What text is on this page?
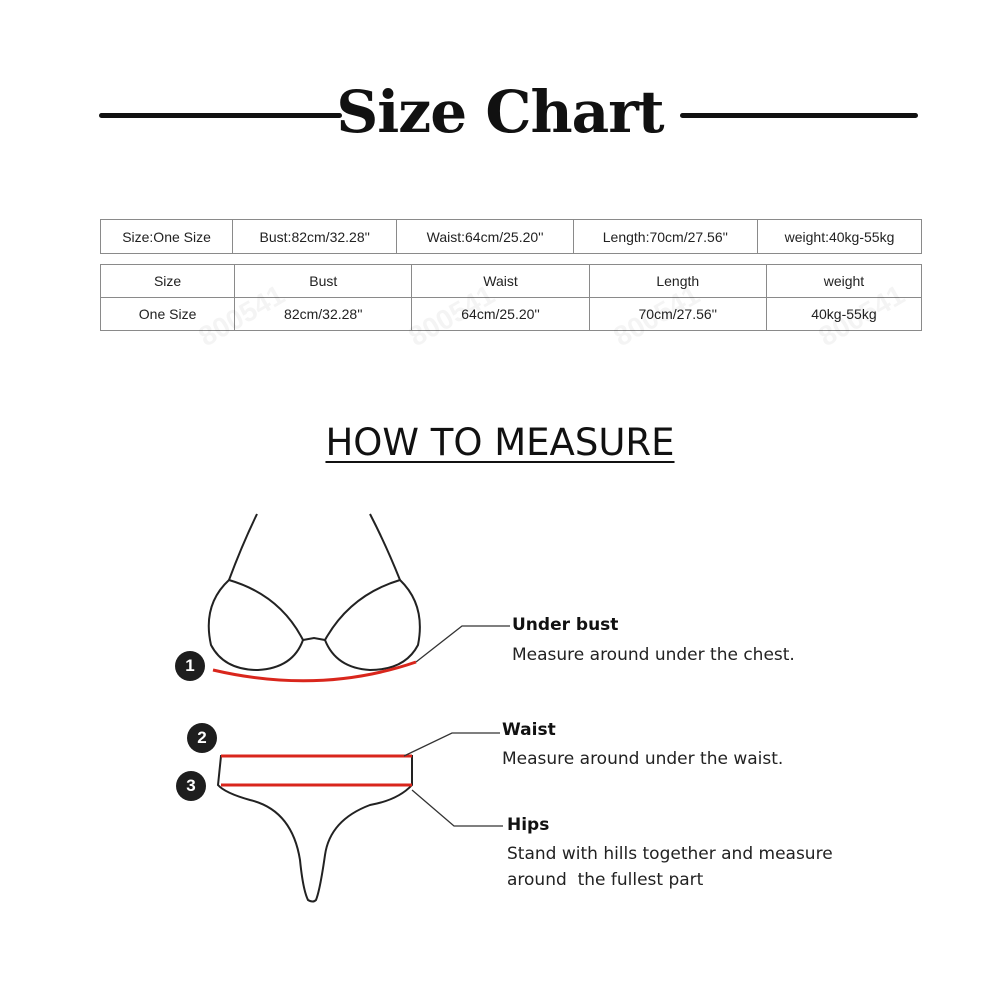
Size Chart
Size:One Size	Bust:82cm/32.28''	Waist:64cm/25.20''	Length:70cm/27.56''	weight:40kg-55kg
Size	Bust	Waist	Length	weight
One Size	82cm/32.28''	64cm/25.20''	70cm/27.56''	40kg-55kg
HOW TO MEASURE
1
2
3
Under bust
Measure around under the chest.
Waist
Measure around under the waist.
Hips
Stand with hills together and measure
around  the fullest part
